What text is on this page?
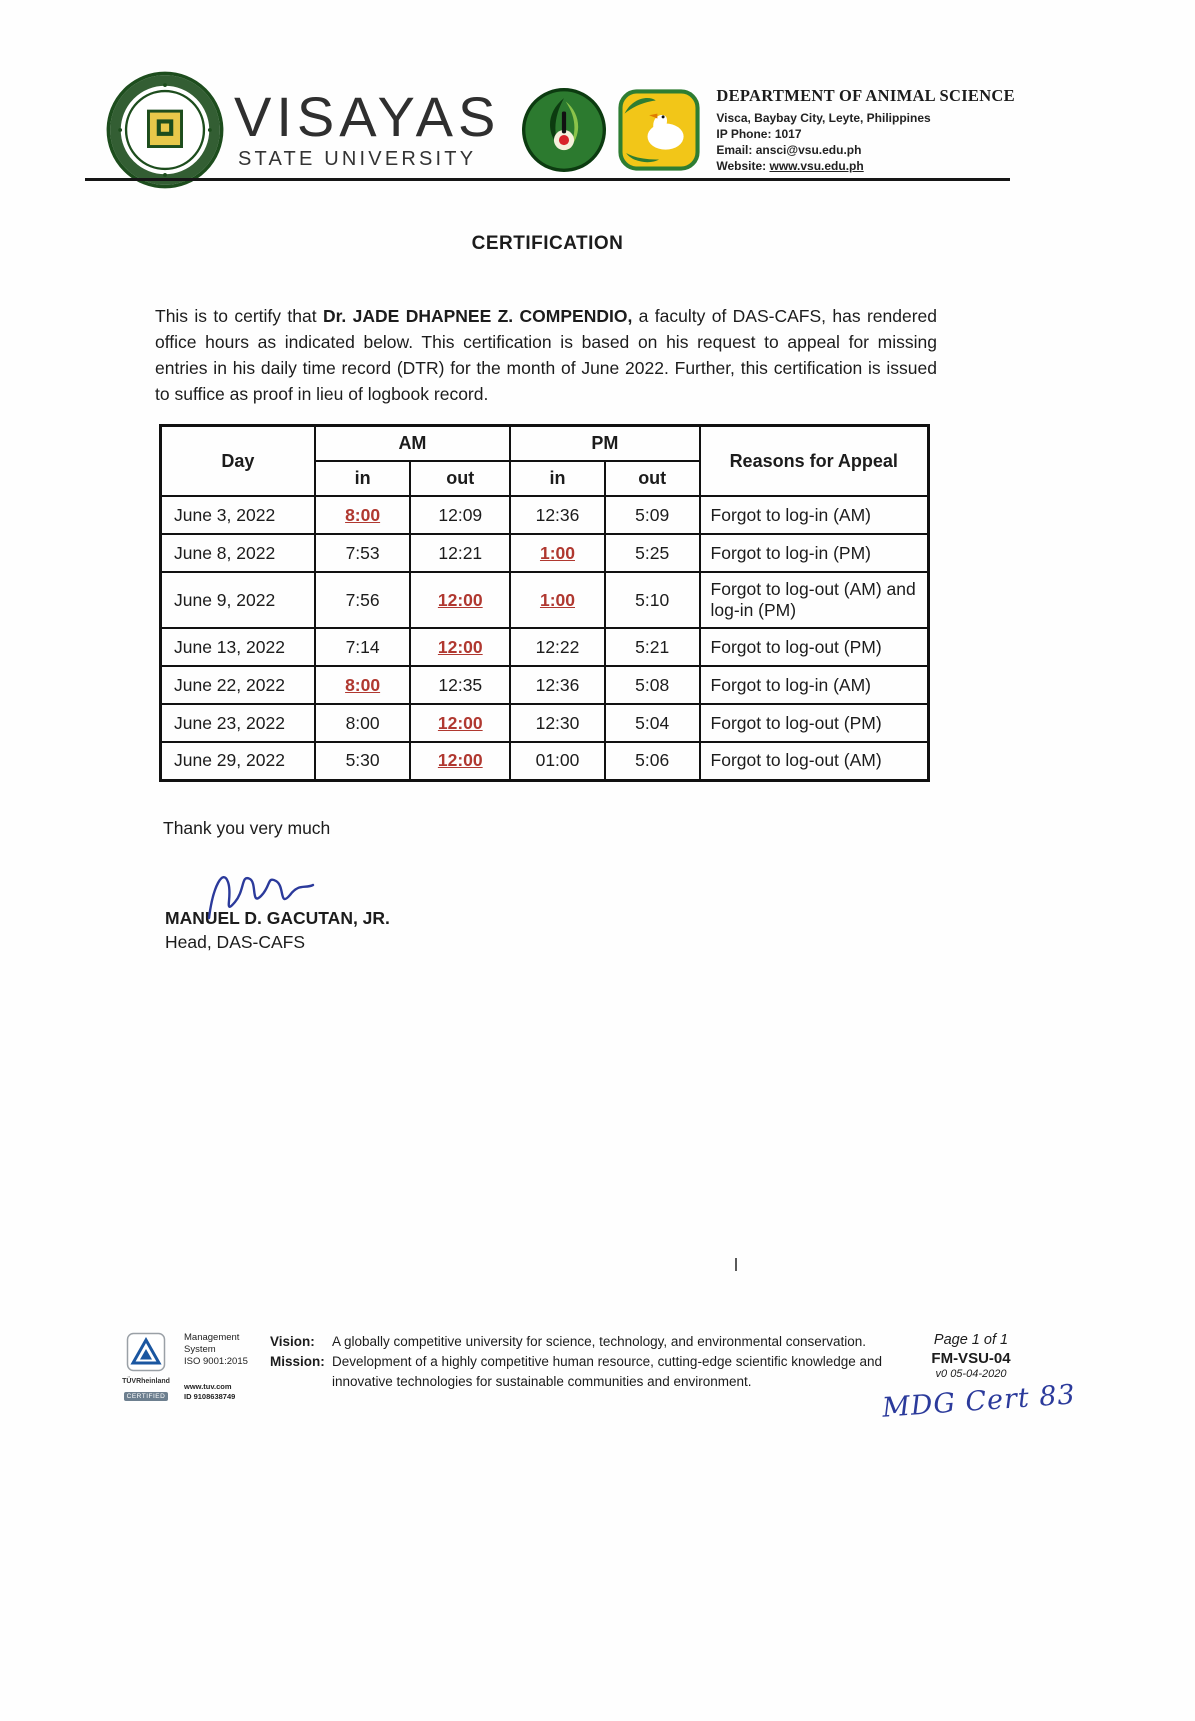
VISAYAS
STATE UNIVERSITY
DEPARTMENT OF ANIMAL SCIENCE
Visca, Baybay City, Leyte, Philippines
IP Phone: 1017
Email: ansci@vsu.edu.ph
Website: www.vsu.edu.ph
CERTIFICATION

This is to certify that Dr. JADE DHAPNEE Z. COMPENDIO, a faculty of DAS-CAFS, has rendered office hours as indicated below. This certification is based on his request to appeal for missing entries in his daily time record (DTR) for the month of June 2022. Further, this certification is issued to suffice as proof in lieu of logbook record.

Day	AM		PM		Reasons for Appeal
	in	out	in	out	
June 3, 2022	8:00	12:09	12:36	5:09	Forgot to log-in (AM)
June 8, 2022	7:53	12:21	1:00	5:25	Forgot to log-in (PM)
June 9, 2022	7:56	12:00	1:00	5:10	Forgot to log-out (AM) and log-in (PM)
June 13, 2022	7:14	12:00	12:22	5:21	Forgot to log-out (PM)
June 22, 2022	8:00	12:35	12:36	5:08	Forgot to log-in (AM)
June 23, 2022	8:00	12:00	12:30	5:04	Forgot to log-out (PM)
June 29, 2022	5:30	12:00	01:00	5:06	Forgot to log-out (AM)
Thank you very much
MANUEL D. GACUTAN, JR.
Head, DAS-CAFS
TÜVRheinland
CERTIFIED
Management System
ISO 9001:2015
www.tuv.com
ID 9108638749
Vision:
Mission:
A globally competitive university for science, technology, and environmental conservation.
Development of a highly competitive human resource, cutting-edge scientific knowledge and innovative technologies for sustainable communities and environment.
Page 1 of 1
FM-VSU-04
v0 05-04-2020
MDG Cert 83
